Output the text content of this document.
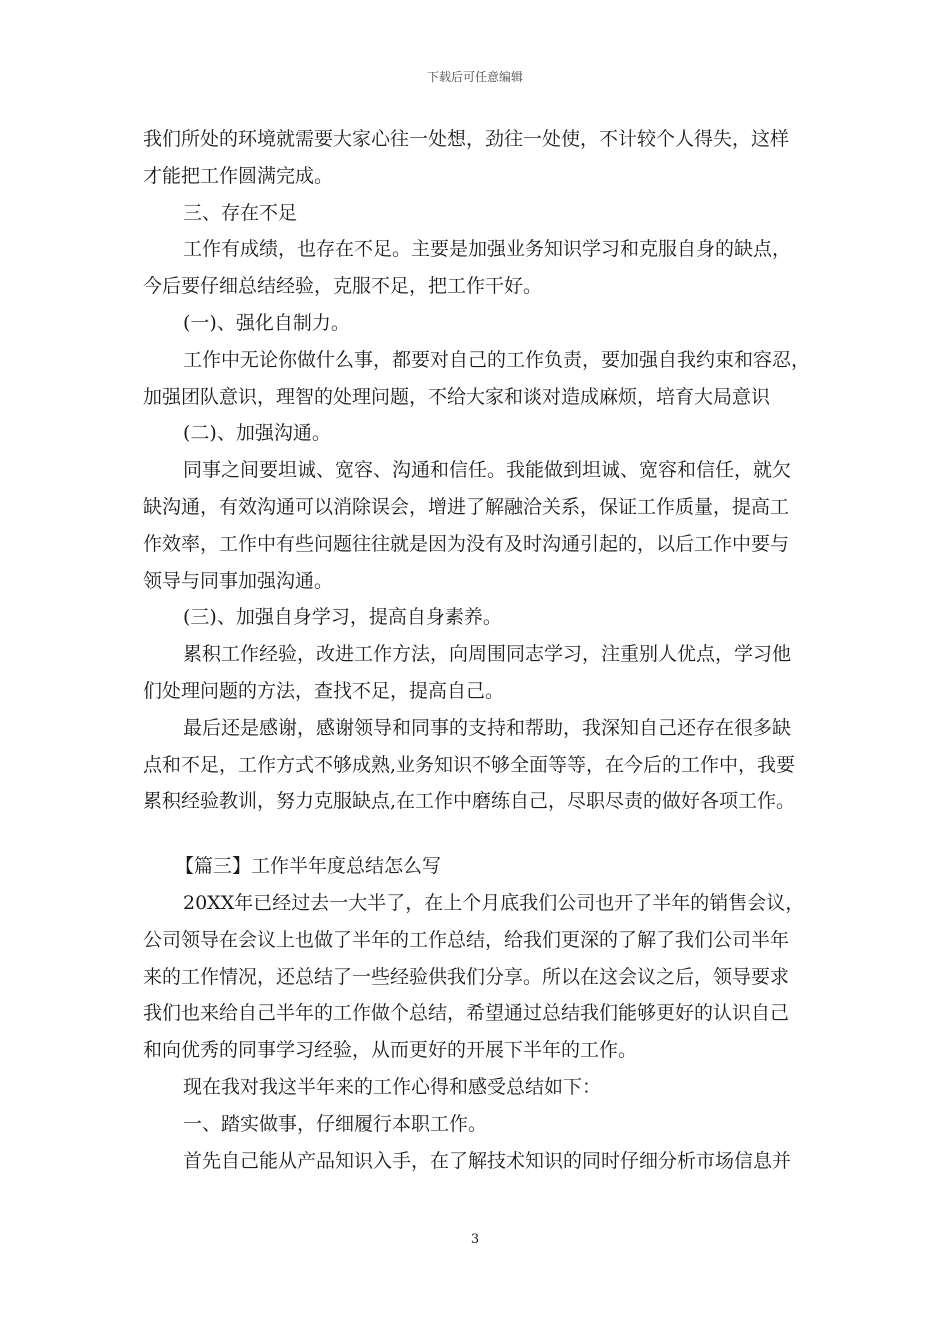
下载后可任意编辑
我们所处的环境就需要大家心往一处想，劲往一处使，不计较个人得失，这样
才能把工作圆满完成。
三、存在不足
工作有成绩，也存在不足。主要是加强业务知识学习和克服自身的缺点，
今后要仔细总结经验，克服不足，把工作干好。
(一)、强化自制力。
工作中无论你做什么事，都要对自己的工作负责，要加强自我约束和容忍，
加强团队意识，理智的处理问题，不给大家和谈对造成麻烦，培育大局意识
(二)、加强沟通。
同事之间要坦诚、宽容、沟通和信任。我能做到坦诚、宽容和信任，就欠
缺沟通，有效沟通可以消除误会，增进了解融洽关系，保证工作质量，提高工
作效率，工作中有些问题往往就是因为没有及时沟通引起的，以后工作中要与
领导与同事加强沟通。
(三)、加强自身学习，提高自身素养。
累积工作经验，改进工作方法，向周围同志学习，注重别人优点，学习他
们处理问题的方法，查找不足，提高自己。
最后还是感谢，感谢领导和同事的支持和帮助，我深知自己还存在很多缺
点和不足，工作方式不够成熟,业务知识不够全面等等，在今后的工作中，我要
累积经验教训，努力克服缺点,在工作中磨练自己，尽职尽责的做好各项工作。
【篇三】工作半年度总结怎么写
20XX年已经过去一大半了，在上个月底我们公司也开了半年的销售会议，
公司领导在会议上也做了半年的工作总结，给我们更深的了解了我们公司半年
来的工作情况，还总结了一些经验供我们分享。所以在这会议之后，领导要求
我们也来给自己半年的工作做个总结，希望通过总结我们能够更好的认识自己
和向优秀的同事学习经验，从而更好的开展下半年的工作。
现在我对我这半年来的工作心得和感受总结如下：
一、踏实做事，仔细履行本职工作。
首先自己能从产品知识入手，在了解技术知识的同时仔细分析市场信息并
3
